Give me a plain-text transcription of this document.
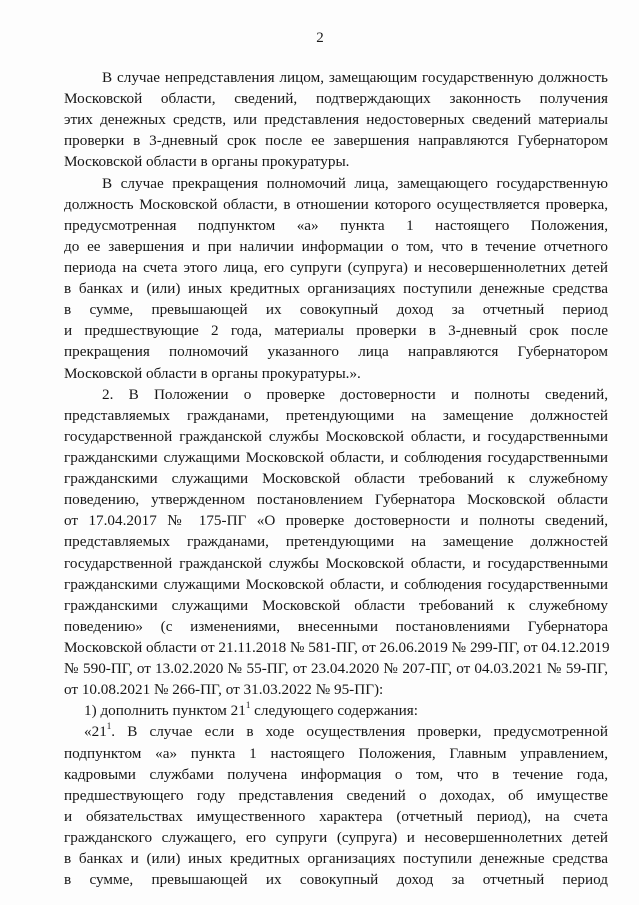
2
В случае непредставления лицом, замещающим государственную должность
Московской области, сведений, подтверждающих законность получения
этих денежных средств, или представления недостоверных сведений материалы
проверки в 3-дневный срок после ее завершения направляются Губернатором
Московской области в органы прокуратуры.
В случае прекращения полномочий лица, замещающего государственную
должность Московской области, в отношении которого осуществляется проверка,
предусмотренная подпунктом «а» пункта 1 настоящего Положения,
до ее завершения и при наличии информации о том, что в течение отчетного
периода на счета этого лица, его супруги (супруга) и несовершеннолетних детей
в банках и (или) иных кредитных организациях поступили денежные средства
в сумме, превышающей их совокупный доход за отчетный период
и предшествующие 2 года, материалы проверки в 3-дневный срок после
прекращения полномочий указанного лица направляются Губернатором
Московской области в органы прокуратуры.».
2. В Положении о проверке достоверности и полноты сведений,
представляемых гражданами, претендующими на замещение должностей
государственной гражданской службы Московской области, и государственными
гражданскими служащими Московской области, и соблюдения государственными
гражданскими служащими Московской области требований к служебному
поведению, утвержденном постановлением Губернатора Московской области
от 17.04.2017 № 175-ПГ «О проверке достоверности и полноты сведений,
представляемых гражданами, претендующими на замещение должностей
государственной гражданской службы Московской области, и государственными
гражданскими служащими Московской области, и соблюдения государственными
гражданскими служащими Московской области требований к служебному
поведению» (с изменениями, внесенными постановлениями Губернатора
Московской области от 21.11.2018 № 581-ПГ, от 26.06.2019 № 299-ПГ, от 04.12.2019
№ 590-ПГ, от 13.02.2020 № 55-ПГ, от 23.04.2020 № 207-ПГ, от 04.03.2021 № 59-ПГ,
от 10.08.2021 № 266-ПГ, от 31.03.2022 № 95-ПГ):
1) дополнить пунктом $21^1$ следующего содержания:
«$21^1$. В случае если в ходе осуществления проверки, предусмотренной
подпунктом «а» пункта 1 настоящего Положения, Главным управлением,
кадровыми службами получена информация о том, что в течение года,
предшествующего году представления сведений о доходах, об имуществе
и обязательствах имущественного характера (отчетный период), на счета
гражданского служащего, его супруги (супруга) и несовершеннолетних детей
в банках и (или) иных кредитных организациях поступили денежные средства
в сумме, превышающей их совокупный доход за отчетный период
